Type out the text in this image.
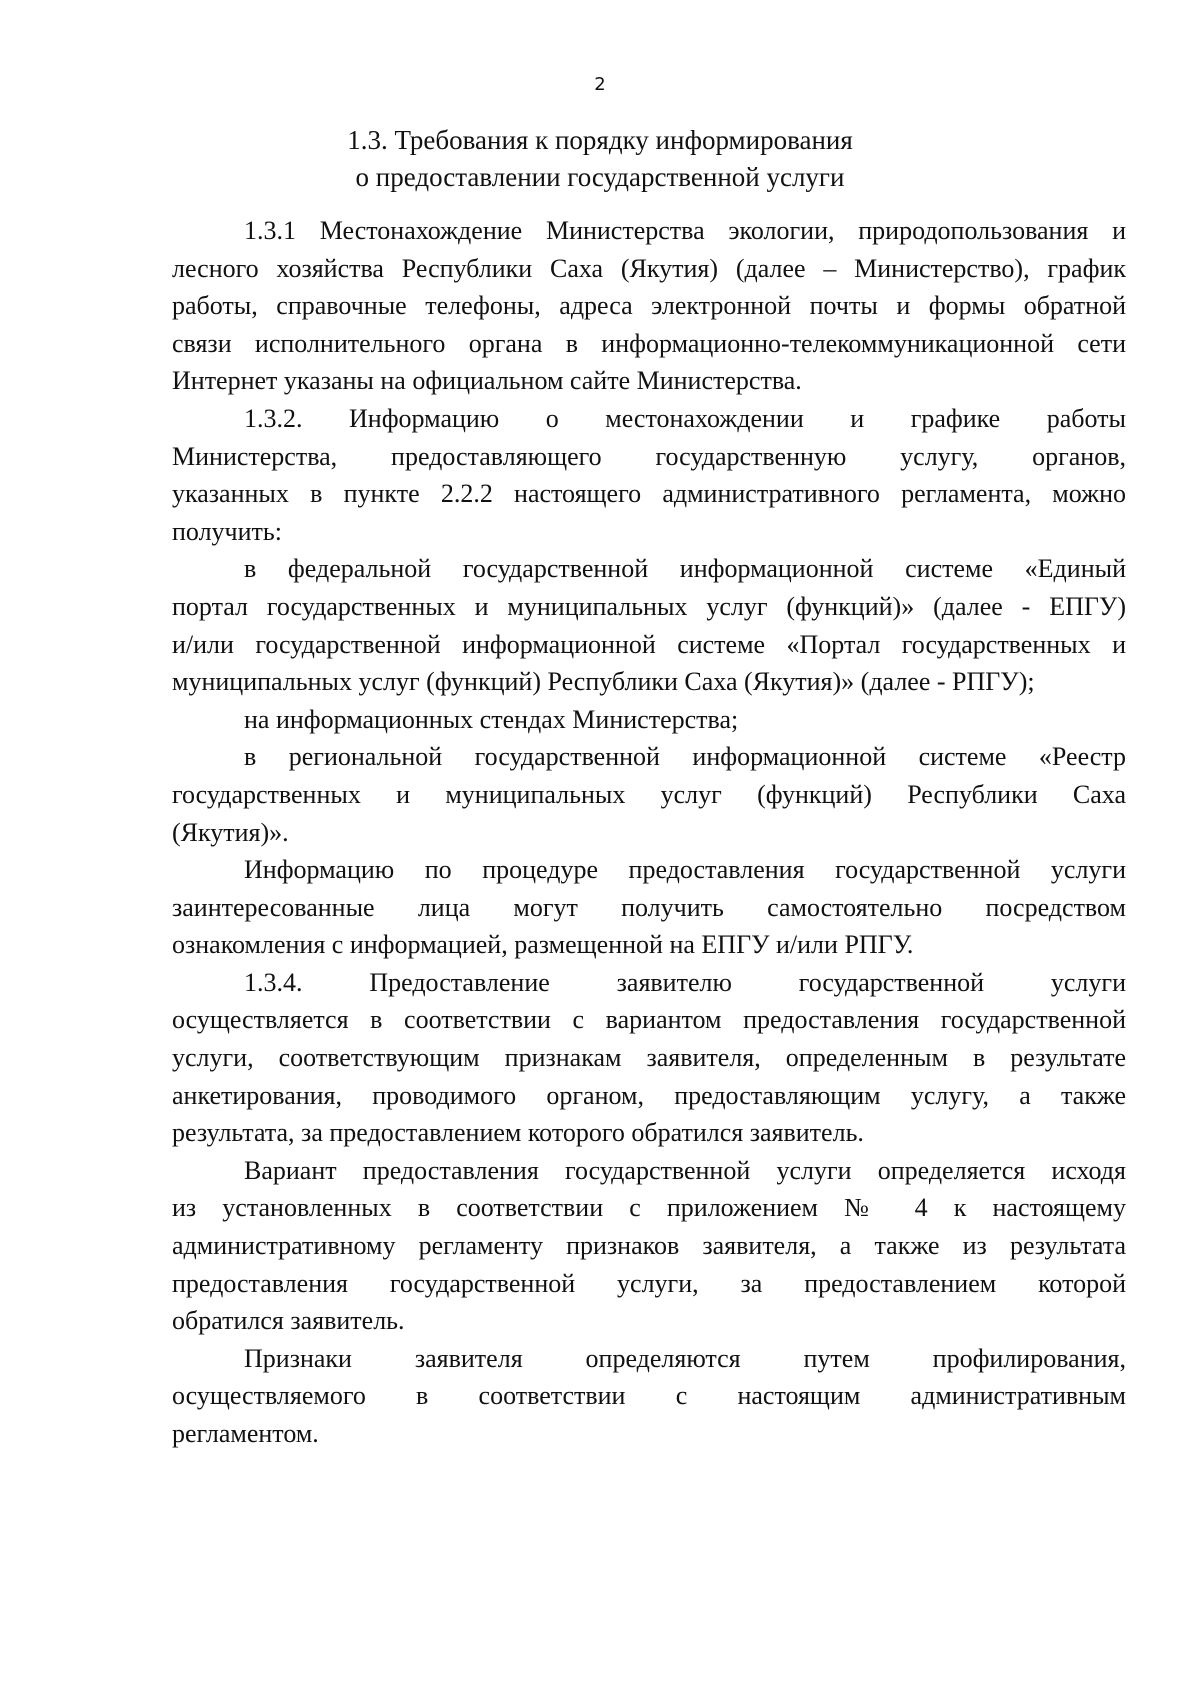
2
1.3. Требования к порядку информирования
о предоставлении государственной услуги
1.3.1 Местонахождение Министерства экологии, природопользования и
лесного хозяйства Республики Саха (Якутия) (далее – Министерство), график
работы, справочные телефоны, адреса электронной почты и формы обратной
связи исполнительного органа в информационно-телекоммуникационной сети
Интернет указаны на официальном сайте Министерства.
1.3.2. Информацию о местонахождении и графике работы
Министерства, предоставляющего государственную услугу, органов,
указанных в пункте 2.2.2 настоящего административного регламента, можно
получить:
в федеральной государственной информационной системе «Единый
портал государственных и муниципальных услуг (функций)» (далее - ЕПГУ)
и/или государственной информационной системе «Портал государственных и
муниципальных услуг (функций) Республики Саха (Якутия)» (далее - РПГУ);
на информационных стендах Министерства;
в региональной государственной информационной системе «Реестр
государственных и муниципальных услуг (функций) Республики Саха
(Якутия)».
Информацию по процедуре предоставления государственной услуги
заинтересованные лица могут получить самостоятельно посредством
ознакомления с информацией, размещенной на ЕПГУ и/или РПГУ.
1.3.4. Предоставление заявителю государственной услуги
осуществляется в соответствии с вариантом предоставления государственной
услуги, соответствующим признакам заявителя, определенным в результате
анкетирования, проводимого органом, предоставляющим услугу, а также
результата, за предоставлением которого обратился заявитель.
Вариант предоставления государственной услуги определяется исходя
из установленных в соответствии с приложением № 4 к настоящему
административному регламенту признаков заявителя, а также из результата
предоставления государственной услуги, за предоставлением которой
обратился заявитель.
Признаки заявителя определяются путем профилирования,
осуществляемого в соответствии с настоящим административным
регламентом.
